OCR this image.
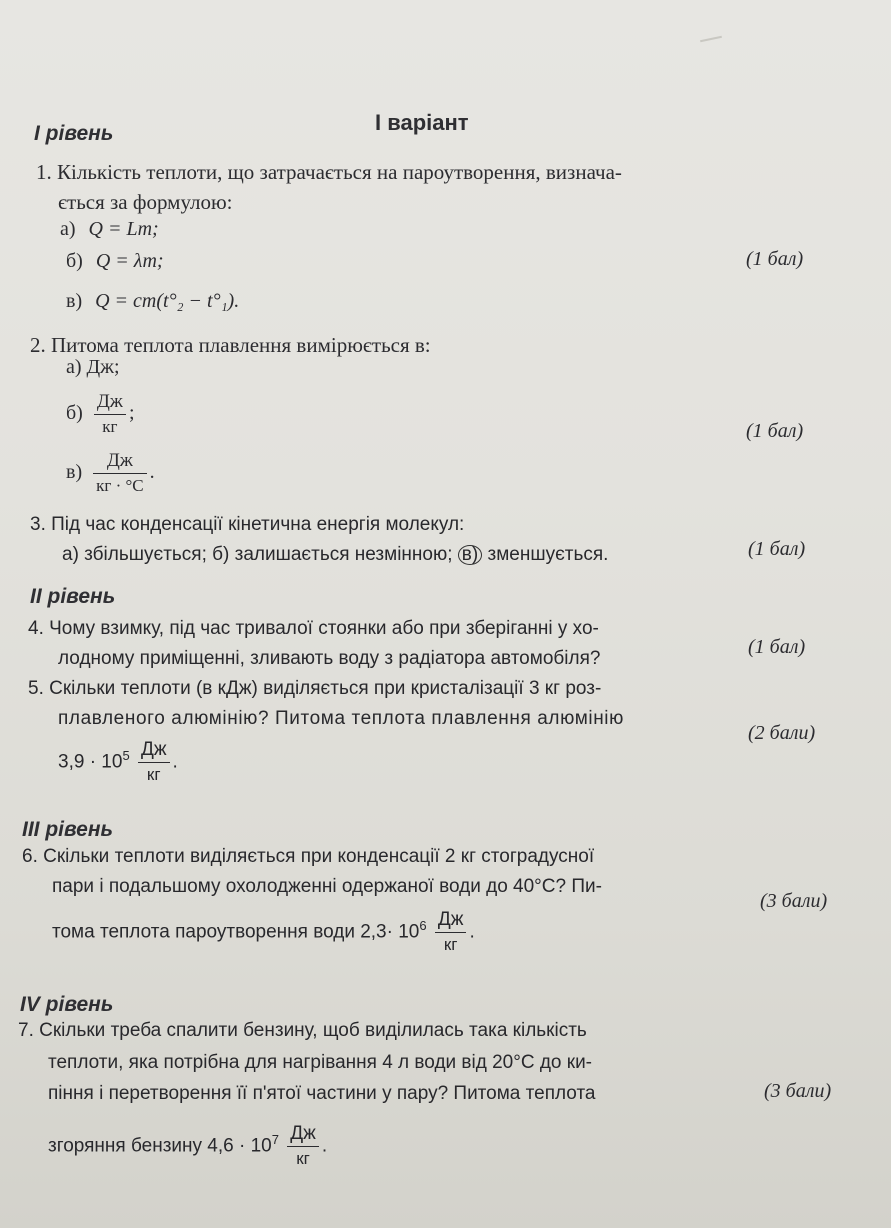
І варіант
І рівень
1. Кількість теплоти, що затрачається на пароутворення, визнача-
ється за формулою:
а) Q = Lm;
б) Q = λm;	(1 бал)
в) Q = cm(t°₂ − t°₁).
2. Питома теплота плавлення вимірюється в:
а) Дж;
$б) \frac{Дж}{кг}$ ;
(1 бал)
$в) \frac{Дж}{кг \cdot ^\circ С}$ .
3. Під час конденсації кінетична енергія молекул:
а) збільшується; б) залишається незмінною; в) зменшується.	(1 бал)
ІІ рівень
4. Чому взимку, під час тривалої стоянки або при зберіганні у хо-
лодному приміщенні, зливають воду з радіатора автомобіля?
(1 бал)
5. Скільки теплоти (в кДж) виділяється при кристалізації 3 кг роз-
плавленого алюмінію? Питома теплота плавлення алюмінію
(2 бали)
$3,9 \cdot 10^5 \frac{Дж}{кг}$ .
ІІІ рівень
6. Скільки теплоти виділяється при конденсації 2 кг стоградусної
пари і подальшому охолодженні одержаної води до 40°С? Пи-
(3 бали)
тома теплота пароутворення води $2,3\cdot 10^6 \frac{Дж}{кг}$ .
ІV рівень
7. Скільки треба спалити бензину, щоб виділилась така кількість
теплоти, яка потрібна для нагрівання 4 л води від 20°С до ки-
піння і перетворення її п'ятої частини у пару? Питома теплота	(3 бали)
згоряння бензину $4,6 \cdot 10^7 \frac{Дж}{кг}$ .
